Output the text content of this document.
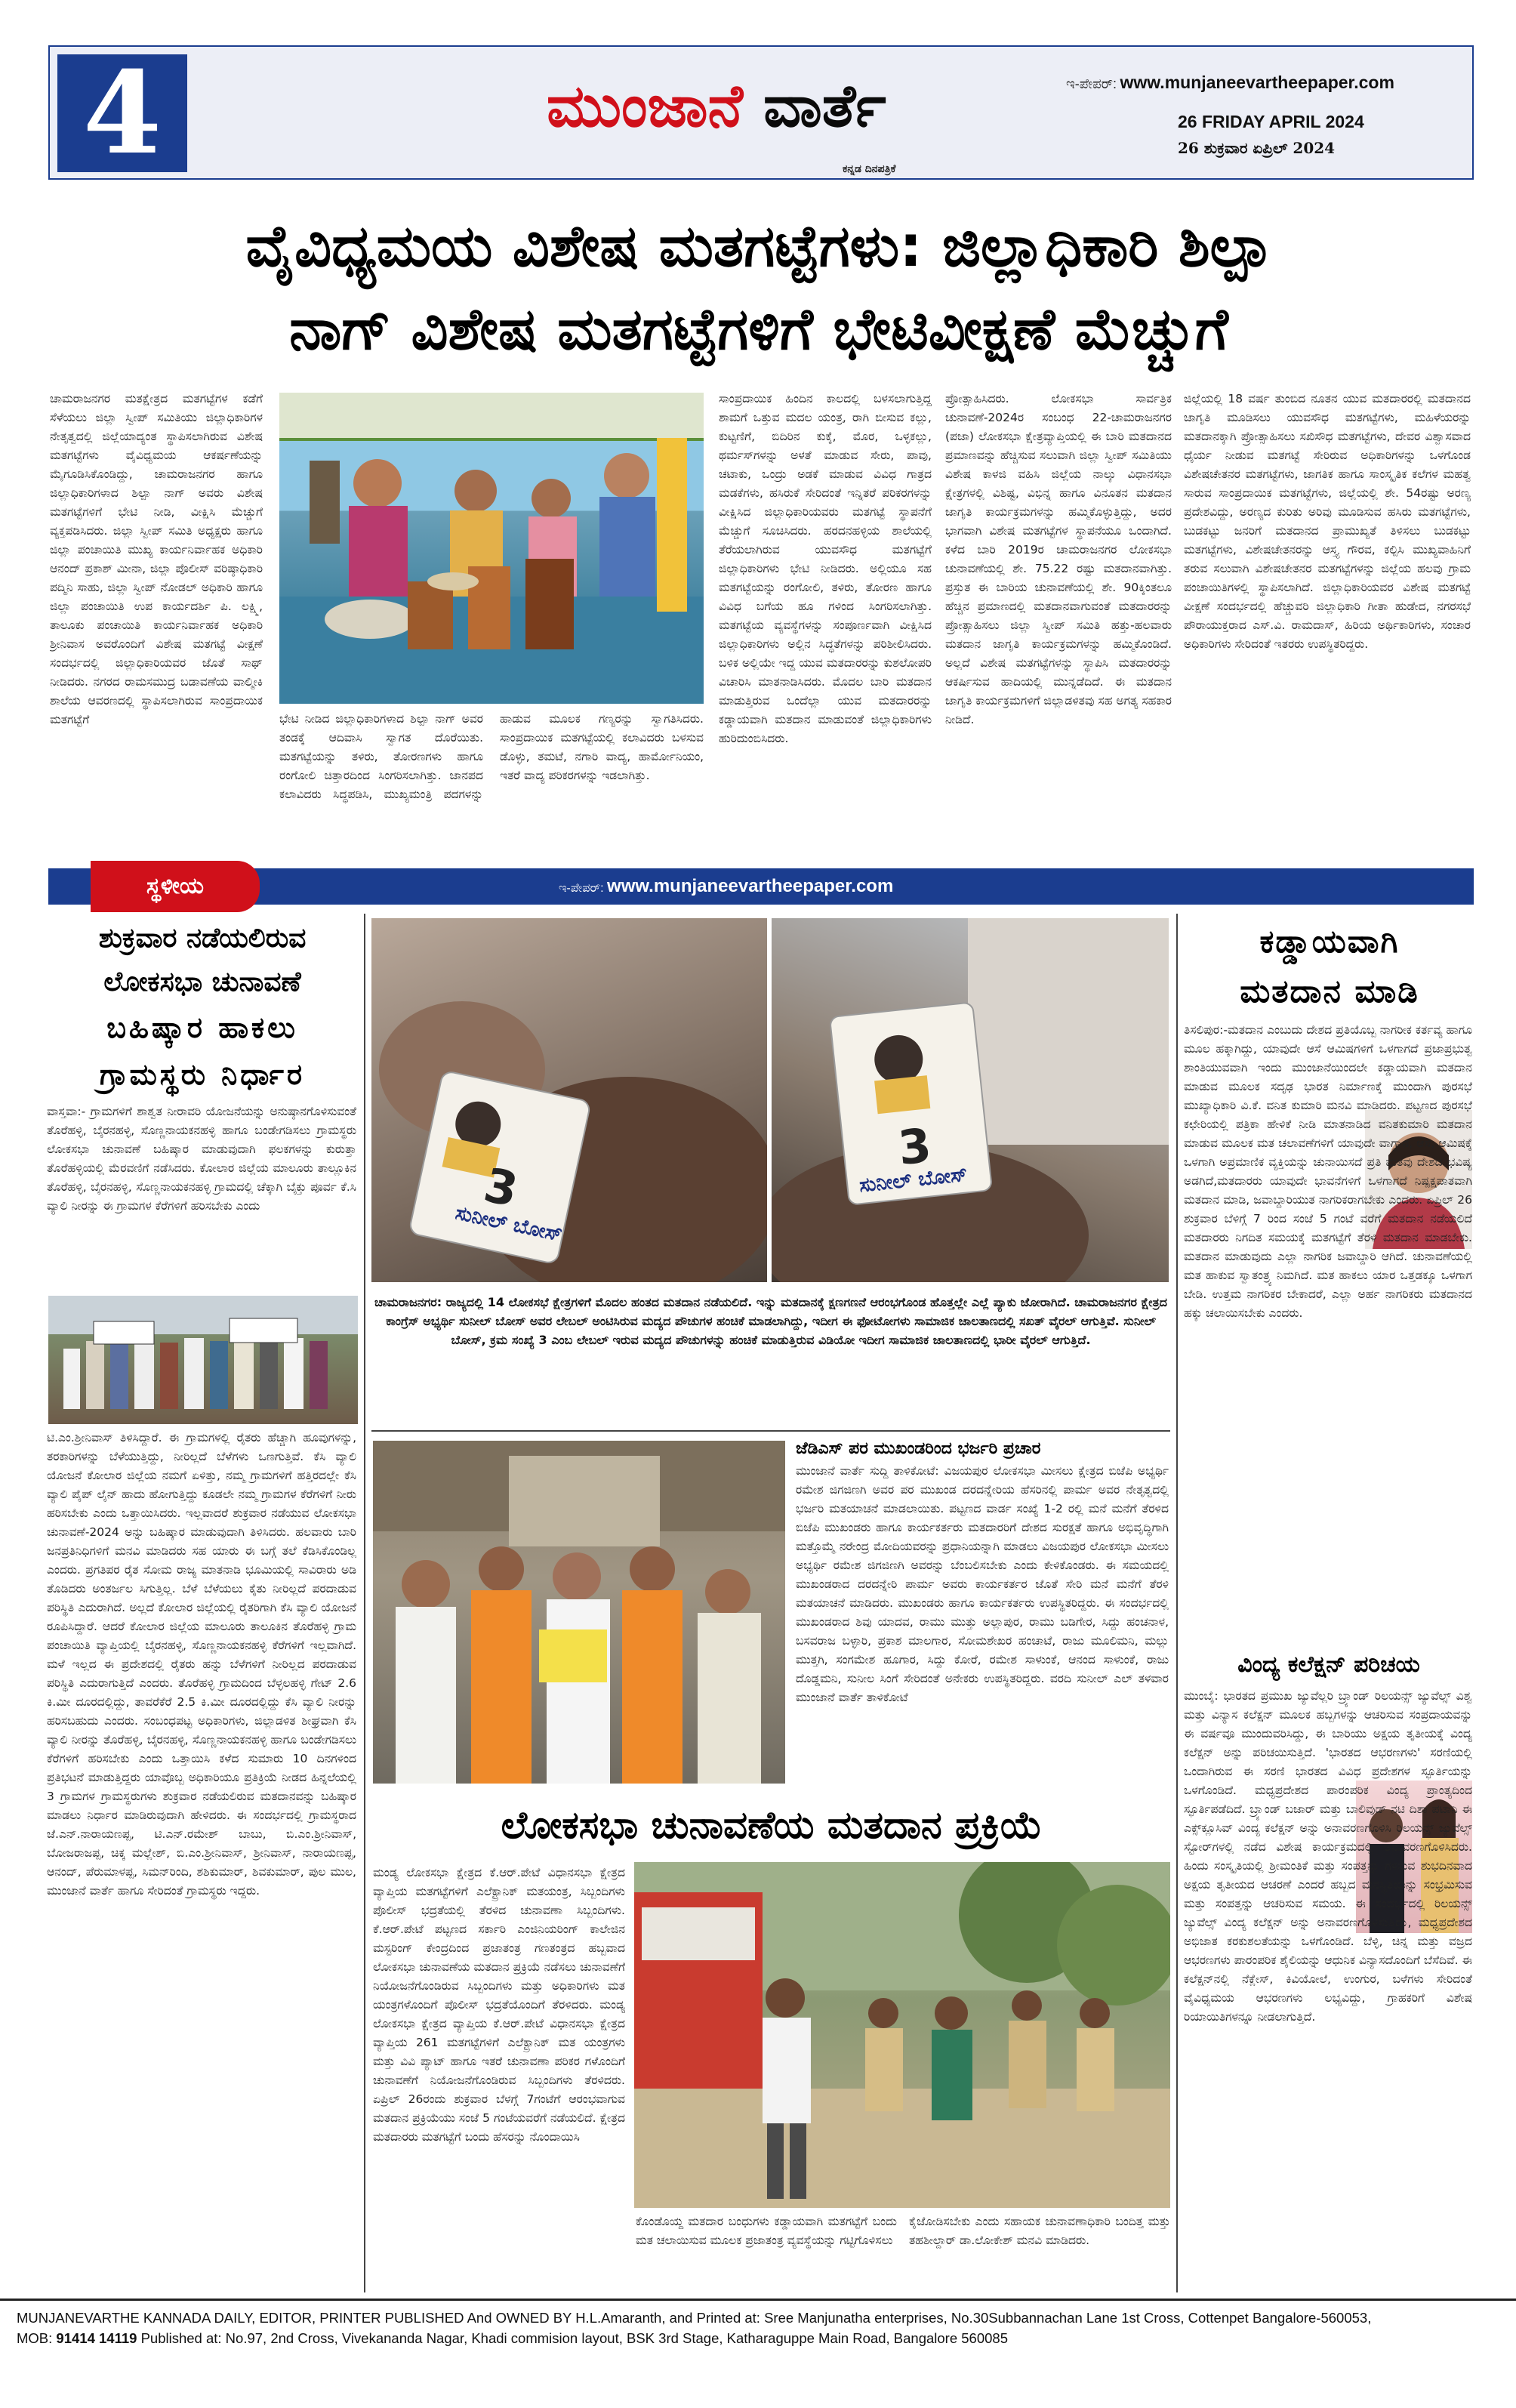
4	ಮುಂಜಾನೆ ವಾರ್ತೆ
ಕನ್ನಡ ದಿನಪತ್ರಿಕೆ
ಇ-ಪೇಪರ್: www.munjaneevartheepaper.com
26 FRIDAY APRIL 2024
26 ಶುಕ್ರವಾರ ಏಪ್ರಿಲ್ 2024
ವೈವಿಧ್ಯಮಯ ವಿಶೇಷ ಮತಗಟ್ಟೆಗಳು: ಜಿಲ್ಲಾಧಿಕಾರಿ ಶಿಲ್ಪಾ
ನಾಗ್ ವಿಶೇಷ ಮತಗಟ್ಟೆಗಳಿಗೆ ಭೇಟಿವೀಕ್ಷಣೆ ಮೆಚ್ಚುಗೆ
ಚಾಮರಾಜನಗರ ಮತಕ್ಷೇತ್ರದ ಮತಗಟ್ಟೆಗಳ ಕಡೆಗೆ ಸೆಳೆಯಲು ಜಿಲ್ಲಾ ಸ್ವೀಪ್ ಸಮಿತಿಯು ಜಿಲ್ಲಾಧಿಕಾರಿಗಳ ನೇತೃತ್ವದಲ್ಲಿ ಜಿಲ್ಲೆಯಾದ್ಯಂತ ಸ್ಥಾಪಿಸಲಾಗಿರುವ ವಿಶೇಷ ಮತಗಟ್ಟೆಗಳು ವೈವಿಧ್ಯಮಯ ಆಕರ್ಷಣೆಯನ್ನು ಮೈಗೂಡಿಸಿಕೊಂಡಿದ್ದು, ಚಾಮರಾಜನಗರ ಹಾಗೂ ಜಿಲ್ಲಾಧಿಕಾರಿಗಳಾದ ಶಿಲ್ಪಾ ನಾಗ್ ಅವರು ವಿಶೇಷ ಮತಗಟ್ಟೆಗಳಿಗೆ ಭೇಟಿ ನೀಡಿ, ವೀಕ್ಷಿಸಿ ಮೆಚ್ಚುಗೆ ವ್ಯಕ್ತಪಡಿಸಿದರು. ಜಿಲ್ಲಾ ಸ್ವೀಪ್ ಸಮಿತಿ ಅಧ್ಯಕ್ಷರು ಹಾಗೂ ಜಿಲ್ಲಾ ಪಂಚಾಯಿತಿ ಮುಖ್ಯ ಕಾರ್ಯನಿರ್ವಾಹಕ ಅಧಿಕಾರಿ ಆನಂದ್ ಪ್ರಕಾಶ್ ಮೀನಾ, ಜಿಲ್ಲಾ ಪೊಲೀಸ್ ವರಿಷ್ಠಾಧಿಕಾರಿ ಪದ್ಮಿನಿ ಸಾಹು, ಜಿಲ್ಲಾ ಸ್ವೀಪ್ ನೋಡಲ್ ಅಧಿಕಾರಿ ಹಾಗೂ ಜಿಲ್ಲಾ ಪಂಚಾಯಿತಿ ಉಪ ಕಾರ್ಯದರ್ಶಿ ಪಿ. ಲಕ್ಷ್ಮಿ, ತಾಲೂಕು ಪಂಚಾಯಿತಿ ಕಾರ್ಯನಿರ್ವಾಹಕ ಅಧಿಕಾರಿ ಶ್ರೀನಿವಾಸ ಅವರೊಂದಿಗೆ ವಿಶೇಷ ಮತಗಟ್ಟೆ ವೀಕ್ಷಣೆ ಸಂದರ್ಭದಲ್ಲಿ ಜಿಲ್ಲಾಧಿಕಾರಿಯವರ ಜೊತೆ ಸಾಥ್ ನೀಡಿದರು. ನಗರದ ರಾಮಸಮುದ್ರ ಬಡಾವಣೆಯ ವಾಲ್ಮೀಕಿ ಶಾಲೆಯ ಆವರಣದಲ್ಲಿ ಸ್ಥಾಪಿಸಲಾಗಿರುವ ಸಾಂಪ್ರದಾಯಿಕ ಮತಗಟ್ಟೆಗೆ	ಭೇಟಿ ನೀಡಿದ ಜಿಲ್ಲಾಧಿಕಾರಿಗಳಾದ ಶಿಲ್ಪಾ ನಾಗ್ ಅವರ ತಂಡಕ್ಕೆ ಆದಿವಾಸಿ ಸ್ವಾಗತ ದೊರೆಯಿತು. ಮತಗಟ್ಟೆಯನ್ನು ತಳಿರು, ತೋರಣಗಳು ಹಾಗೂ ರಂಗೋಲಿ ಚಿತ್ತಾರದಿಂದ ಸಿಂಗರಿಸಲಾಗಿತ್ತು. ಜಾನಪದ ಕಲಾವಿದರು ಸಿದ್ಧಪಡಿಸಿ, ಮುಖ್ಯಮಂತ್ರಿ ಪದಗಳನ್ನು ಹಾಡುವ ಮೂಲಕ ಗಣ್ಯರನ್ನು ಸ್ವಾಗತಿಸಿದರು. ಸಾಂಪ್ರದಾಯಿಕ ಮತಗಟ್ಟೆಯಲ್ಲಿ ಕಲಾವಿದರು ಬಳಸುವ ಡೊಳ್ಳು, ತಮಟೆ, ನಗಾರಿ ವಾದ್ಯ, ಹಾರ್ಮೋನಿಯಂ, ಇತರೆ ವಾದ್ಯ ಪರಿಕರಗಳನ್ನು ಇಡಲಾಗಿತ್ತು.
ಸಾಂಪ್ರದಾಯಿಕ ಹಿಂದಿನ ಕಾಲದಲ್ಲಿ ಬಳಸಲಾಗುತ್ತಿದ್ದ ಶಾಮಗೆ ಒತ್ತುವ ಮದಲ ಯಂತ್ರ, ರಾಗಿ ಬೀಸುವ ಕಲ್ಲು, ಕುಟ್ಟಣಿಗೆ, ಬಿದಿರಿನ ಕುಕ್ಕೆ, ಮೊರ, ಒಳ್ಳಕಲ್ಲು, ಥರ್ಮಸ್‌ಗಳನ್ನು ಅಳತೆ ಮಾಡುವ ಸೇರು, ಪಾವು, ಚಟಾಕು, ಒಂದ್ರು ಅಡಕೆ ಮಾಡುವ ವಿವಿಧ ಗಾತ್ರದ ಮಡಕೆಗಳು, ಹಸಿರುಕೆ ಸೇರಿದಂತೆ ಇನ್ನಿತರೆ ಪರಿಕರಗಳನ್ನು ವೀಕ್ಷಿಸಿದ ಜಿಲ್ಲಾಧಿಕಾರಿಯವರು ಮತಗಟ್ಟೆ ಸ್ಥಾಪನೆಗೆ ಮೆಚ್ಚುಗೆ ಸೂಚಿಸಿದರು. ಹರದನಹಳ್ಳಿಯ ಶಾಲೆಯಲ್ಲಿ ತೆರೆಯಲಾಗಿರುವ ಯುವಸೌಧ ಮತಗಟ್ಟೆಗೆ ಜಿಲ್ಲಾಧಿಕಾರಿಗಳು ಭೇಟಿ ನೀಡಿದರು. ಅಲ್ಲಿಯೂ ಸಹ ಮತಗಟ್ಟೆಯನ್ನು ರಂಗೋಲಿ, ತಳಿರು, ತೋರಣ ಹಾಗೂ ವಿವಿಧ ಬಗೆಯ ಹೂ ಗಳಿಂದ ಸಿಂಗರಿಸಲಾಗಿತ್ತು. ಮತಗಟ್ಟೆಯ ವ್ಯವಸ್ಥೆಗಳನ್ನು ಸಂಪೂರ್ಣವಾಗಿ ವೀಕ್ಷಿಸಿದ ಜಿಲ್ಲಾಧಿಕಾರಿಗಳು ಅಲ್ಲಿನ ಸಿದ್ಧತೆಗಳನ್ನು ಪರಿಶೀಲಿಸಿದರು. ಬಳಿಕ ಅಲ್ಲಿಯೇ ಇದ್ದ ಯುವ ಮತದಾರರನ್ನು ಕುಶಲೋಪರಿ ವಿಚಾರಿಸಿ ಮಾತನಾಡಿಸಿದರು. ಮೊದಲ ಬಾರಿ ಮತದಾನ ಮಾಡುತ್ತಿರುವ ಒಂದೆಲ್ಲಾ ಯುವ ಮತದಾರರನ್ನು ಕಡ್ಡಾಯವಾಗಿ ಮತದಾನ ಮಾಡುವಂತೆ ಜಿಲ್ಲಾಧಿಕಾರಿಗಳು ಹುರಿದುಂಬಿಸಿದರು.
ಪ್ರೋತ್ಸಾಹಿಸಿದರು. ಲೋಕಸಭಾ ಸಾರ್ವತ್ರಿಕ ಚುನಾವಣೆ-2024ರ ಸಂಬಂಧ 22-ಚಾಮರಾಜನಗರ (ಪಜಾ) ಲೋಕಸಭಾ ಕ್ಷೇತ್ರವ್ಯಾಪ್ತಿಯಲ್ಲಿ ಈ ಬಾರಿ ಮತದಾನದ ಪ್ರಮಾಣವನ್ನು ಹೆಚ್ಚಿಸುವ ಸಲುವಾಗಿ ಜಿಲ್ಲಾ ಸ್ವೀಪ್ ಸಮಿತಿಯು ವಿಶೇಷ ಕಾಳಜಿ ವಹಿಸಿ ಜಿಲ್ಲೆಯ ನಾಲ್ಕು ವಿಧಾನಸಭಾ ಕ್ಷೇತ್ರಗಳಲ್ಲಿ ವಿಶಿಷ್ಟ, ವಿಭಿನ್ನ ಹಾಗೂ ವಿನೂತನ ಮತದಾನ ಜಾಗೃತಿ ಕಾರ್ಯಕ್ರಮಗಳನ್ನು ಹಮ್ಮಿಕೊಳ್ಳುತ್ತಿದ್ದು, ಅದರ ಭಾಗವಾಗಿ ವಿಶೇಷ ಮತಗಟ್ಟೆಗಳ ಸ್ಥಾಪನೆಯೂ ಒಂದಾಗಿದೆ. ಕಳೆದ ಬಾರಿ 2019ರ ಚಾಮರಾಜನಗರ ಲೋಕಸಭಾ ಚುನಾವಣೆಯಲ್ಲಿ ಶೇ. 75.22 ರಷ್ಟು ಮತದಾನವಾಗಿತ್ತು. ಪ್ರಸ್ತುತ ಈ ಬಾರಿಯ ಚುನಾವಣೆಯಲ್ಲಿ ಶೇ. 90ಕ್ಕಿಂತಲೂ ಹೆಚ್ಚಿನ ಪ್ರಮಾಣದಲ್ಲಿ ಮತದಾನವಾಗುವಂತೆ ಮತದಾರರನ್ನು ಪ್ರೋತ್ಸಾಹಿಸಲು ಜಿಲ್ಲಾ ಸ್ವೀಪ್ ಸಮಿತಿ ಹತ್ತು-ಹಲವಾರು ಮತದಾನ ಜಾಗೃತಿ ಕಾರ್ಯಕ್ರಮಗಳನ್ನು ಹಮ್ಮಿಕೊಂಡಿದೆ. ಅಲ್ಲದೆ ವಿಶೇಷ ಮತಗಟ್ಟೆಗಳನ್ನು ಸ್ಥಾಪಿಸಿ ಮತದಾರರನ್ನು ಆಕರ್ಷಿಸುವ ಹಾದಿಯಲ್ಲಿ ಮುನ್ನಡೆದಿದೆ. ಈ ಮತದಾನ ಜಾಗೃತಿ ಕಾರ್ಯಕ್ರಮಗಳಿಗೆ ಜಿಲ್ಲಾಡಳಿತವು ಸಹ ಅಗತ್ಯ ಸಹಕಾರ ನೀಡಿದೆ.
ಜಿಲ್ಲೆಯಲ್ಲಿ 18 ವರ್ಷ ತುಂಬಿದ ನೂತನ ಯುವ ಮತದಾರರಲ್ಲಿ ಮತದಾನದ ಜಾಗೃತಿ ಮೂಡಿಸಲು ಯುವಸೌಧ ಮತಗಟ್ಟೆಗಳು, ಮಹಿಳೆಯರನ್ನು ಮತದಾನಕ್ಕಾಗಿ ಪ್ರೋತ್ಸಾಹಿಸಲು ಸಖಿಸೌಧ ಮತಗಟ್ಟೆಗಳು, ದೇವರ ವಿಶ್ವಾಸವಾದ ಧೈರ್ಯ ನೀಡುವ ಮತಗಟ್ಟೆ ಸೇರಿರುವ ಅಧಿಕಾರಿಗಳನ್ನು ಒಳಗೊಂಡ ವಿಶೇಷಚೇತನರ ಮತಗಟ್ಟೆಗಳು, ಜಾಗತಿಕ ಹಾಗೂ ಸಾಂಸ್ಕೃತಿಕ ಕಲೆಗಳ ಮಹತ್ವ ಸಾರುವ ಸಾಂಪ್ರದಾಯಿಕ ಮತಗಟ್ಟೆಗಳು, ಜಿಲ್ಲೆಯಲ್ಲಿ ಶೇ. 54ರಷ್ಟು ಅರಣ್ಯ ಪ್ರದೇಶವಿದ್ದು, ಅರಣ್ಯದ ಕುರಿತು ಅರಿವು ಮೂಡಿಸುವ ಹಸಿರು ಮತಗಟ್ಟೆಗಳು, ಬುಡಕಟ್ಟು ಜನರಿಗೆ ಮತದಾನದ ಪ್ರಾಮುಖ್ಯತೆ ತಿಳಿಸಲು ಬುಡಕಟ್ಟು ಮತಗಟ್ಟೆಗಳು, ವಿಶೇಷಚೇತನರನ್ನು ಆಸ್ತ್ಯ ಗೌರವ, ಕಲ್ಪಿಸಿ ಮುಖ್ಯವಾಹಿನಿಗೆ ತರುವ ಸಲುವಾಗಿ ವಿಶೇಷಚೇತನರ ಮತಗಟ್ಟೆಗಳನ್ನು ಜಿಲ್ಲೆಯ ಹಲವು ಗ್ರಾಮ ಪಂಚಾಯಿತಿಗಳಲ್ಲಿ ಸ್ಥಾಪಿಸಲಾಗಿದೆ. ಜಿಲ್ಲಾಧಿಕಾರಿಯವರ ವಿಶೇಷ ಮತಗಟ್ಟೆ ವೀಕ್ಷಣೆ ಸಂದರ್ಭದಲ್ಲಿ ಹೆಚ್ಚುವರಿ ಜಿಲ್ಲಾಧಿಕಾರಿ ಗೀತಾ ಹುಡೇದ, ನಗರಸಭೆ ಪೌರಾಯುಕ್ತರಾದ ಎಸ್.ವಿ. ರಾಮದಾಸ್, ಹಿರಿಯ ಅರ್ಥಿಕಾರಿಗಳು, ಸಂಚಾರ ಅಧಿಕಾರಿಗಳು ಸೇರಿದಂತೆ ಇತರರು ಉಪಸ್ಥಿತರಿದ್ದರು.
ಸ್ಥಳೀಯ	ಇ-ಪೇಪರ್: www.munjaneevartheepaper.com
ಶುಕ್ರವಾರ ನಡೆಯಲಿರುವ
ಲೋಕಸಭಾ ಚುನಾವಣೆ
ಬಹಿಷ್ಕಾರ ಹಾಕಲು
ಗ್ರಾಮಸ್ಥರು ನಿರ್ಧಾರ
ವಾಸ್ತವಾ:- ಗ್ರಾಮಗಳಿಗೆ ಶಾಶ್ವತ ನೀರಾವರಿ ಯೋಜನೆಯನ್ನು ಅನುಷ್ಠಾನಗೊಳಿಸುವಂತೆ ತೊರೆಹಳ್ಳಿ, ಬೈರನಹಳ್ಳಿ, ಸೊಣ್ಣನಾಯಕನಹಳ್ಳಿ ಹಾಗೂ ಬಂಡೇಗಡಿಸಲು ಗ್ರಾಮಸ್ಥರು ಲೋಕಸಭಾ ಚುನಾವಣೆ ಬಹಿಷ್ಕಾರ ಮಾಡುವುದಾಗಿ ಫಲಕಗಳನ್ನು ಕುರುತ್ತಾ ತೊರೆಹಳ್ಳಿಯಲ್ಲಿ ಮೆರವಣಿಗೆ ನಡೆಸಿದರು. ಕೋಲಾರ ಜಿಲ್ಲೆಯ ಮಾಲೂರು ತಾಲ್ಲೂಕಿನ ತೊರೆಹಳ್ಳಿ, ಬೈರನಹಳ್ಳಿ, ಸೊಣ್ಣನಾಯಕನಹಳ್ಳಿ ಗ್ರಾಮದಲ್ಲಿ ಚೆಕ್ಕಾಗಿ ಬೈಕ್ತು ಪೂರ್ವ ಕೆ.ಸಿ ವ್ಯಾಲಿ ನೀರನ್ನು ಈ ಗ್ರಾಮಗಳ ಕೆರೆಗಳಿಗೆ ಹರಿಸಬೇಕು ಎಂದು
ಟಿ.ಎಂ.ಶ್ರೀನಿವಾಸ್ ತಿಳಿಸಿದ್ದಾರೆ. ಈ ಗ್ರಾಮಗಳಲ್ಲಿ ರೈತರು ಹೆಚ್ಚಾಗಿ ಹೂವುಗಳನ್ನು, ತರಕಾರಿಗಳನ್ನು ಬೆಳೆಯುತ್ತಿದ್ದು, ನೀರಿಲ್ಲದೆ ಬೆಳೆಗಳು ಒಣಗುತ್ತಿವೆ. ಕೆಸಿ ವ್ಯಾಲಿ ಯೋಜನೆ ಕೋಲಾರ ಜಿಲ್ಲೆಯ ನಮಗೆ ಏಳಿತ್ತು, ನಮ್ಮ ಗ್ರಾಮಗಳಿಗೆ ಹತ್ತಿರದಲ್ಲೇ ಕೆಸಿ ವ್ಯಾಲಿ ಪೈಪ್ ಲೈನ್ ಹಾದು ಹೋಗುತ್ತಿದ್ದು ಕೂಡಲೇ ನಮ್ಮ ಗ್ರಾಮಗಳ ಕೆರೆಗಳಿಗೆ ನೀರು ಹರಿಸಬೇಕು ಎಂದು ಒತ್ತಾಯಿಸಿದರು. ಇಲ್ಲವಾದರೆ ಶುಕ್ರವಾರ ನಡೆಯುವ ಲೋಕಸಭಾ ಚುನಾವಣೆ-2024 ಅನ್ನು ಬಹಿಷ್ಕಾರ ಮಾಡುವುದಾಗಿ ತಿಳಿಸಿದರು. ಹಲವಾರು ಬಾರಿ ಜನಪ್ರತಿನಿಧಿಗಳಿಗೆ ಮನವಿ ಮಾಡಿದರು ಸಹ ಯಾರು ಈ ಬಗ್ಗೆ ತಲೆ ಕೆಡಿಸಿಕೊಂಡಿಲ್ಲ ಎಂದರು. ಪ್ರಗತಿಪರ ರೈತ ಸೋಮ ರಾಜ್ಯ ಮಾತನಾಡಿ ಭೂಮಿಯಲ್ಲಿ ಸಾವಿರಾರು ಅಡಿ ತೊಡಿದರು ಅಂತರ್ಜಲ ಸಿಗುತ್ತಿಲ್ಲ. ಬೆಳೆ ಬೆಳೆಯಲು ಕೈತು ನೀರಿಲ್ಲದೆ ಪರದಾಡುವ ಪರಿಸ್ಥಿತಿ ಎದುರಾಗಿದೆ. ಅಲ್ಲದೆ ಕೋಲಾರ ಜಿಲ್ಲೆಯಲ್ಲಿ ರೈತರಿಗಾಗಿ ಕೆಸಿ ವ್ಯಾಲಿ ಯೋಜನೆ ರೂಪಿಸಿದ್ದಾರೆ. ಆದರೆ ಕೋಲಾರ ಜಿಲ್ಲೆಯ ಮಾಲೂರು ತಾಲೂಕಿನ ತೊರೆಹಳ್ಳಿ ಗ್ರಾಮ ಪಂಚಾಯಿತಿ ವ್ಯಾಪ್ತಿಯಲ್ಲಿ ಬೈರನಹಳ್ಳಿ, ಸೊಣ್ಣನಾಯಕನಹಳ್ಳಿ ಕೆರೆಗಳಿಗೆ ಇಲ್ಲವಾಗಿದೆ. ಮಳೆ ಇಲ್ಲದ ಈ ಪ್ರದೇಶದಲ್ಲಿ ರೈತರು ಹನ್ನು ಬೆಳೆಗಳಿಗೆ ನೀರಿಲ್ಲದ ಪರದಾಡುವ ಪರಿಸ್ಥಿತಿ ಎದುರಾಗುತ್ತಿದೆ ಎಂದರು. ತೊರೆಹಳ್ಳಿ ಗ್ರಾಮದಿಂದ ಬೆಳ್ಳಲಹಳ್ಳಿ ಗೇಟ್ 2.6 ಕಿ.ಮೀ ದೂರದಲ್ಲಿದ್ದು, ತಾವರೆಕೆರೆ 2.5 ಕಿ.ಮೀ ದೂರದಲ್ಲಿದ್ದು ಕೆಸಿ ವ್ಯಾಲಿ ನೀರನ್ನು ಹರಿಸಬಹುದು ಎಂದರು. ಸಂಬಂಧಪಟ್ಟ ಅಧಿಕಾರಿಗಳು, ಜಿಲ್ಲಾಡಳಿತ ಶೀಘ್ರವಾಗಿ ಕೆಸಿ ವ್ಯಾಲಿ ನೀರನ್ನು ತೊರೆಹಳ್ಳಿ, ಬೈರನಹಳ್ಳಿ, ಸೊಣ್ಣನಾಯಕನಹಳ್ಳಿ ಹಾಗೂ ಬಂಡೇಗಡಿಸಲು ಕೆರೆಗಳಿಗೆ ಹರಿಸಬೇಕು ಎಂದು ಒತ್ತಾಯಿಸಿ ಕಳೆದ ಸುಮಾರು 10 ದಿನಗಳಿಂದ ಪ್ರತಿಭಟನೆ ಮಾಡುತ್ತಿದ್ದರು ಯಾವೊಬ್ಬ ಅಧಿಕಾರಿಯೂ ಪ್ರತಿಕ್ರಿಯೆ ನೀಡದ ಹಿನ್ನಲೆಯಲ್ಲಿ 3 ಗ್ರಾಮಗಳ ಗ್ರಾಮಸ್ಥರುಗಳು ಶುಕ್ರವಾರ ನಡೆಯಲಿರುವ ಮತದಾನವನ್ನು ಬಹಿಷ್ಕಾರ ಮಾಡಲು ನಿರ್ಧಾರ ಮಾಡಿರುವುದಾಗಿ ಹೇಳಿದರು. ಈ ಸಂದರ್ಭದಲ್ಲಿ ಗ್ರಾಮಸ್ಥರಾದ ಜೆ.ಎನ್.ನಾರಾಯಣಪ್ಪ, ಟಿ.ಎನ್.ರಮೇಶ್ ಬಾಬು, ಬಿ.ಎಂ.ಶ್ರೀನಿವಾಸ್, ಬೋಜರಾಜಪ್ಪ, ಚಿಕ್ಕ ಮಲ್ಲೇಶ್, ಬಿ.ಎಂ.ಶ್ರೀನಿವಾಸ್, ಶ್ರೀನಿವಾಸ್, ನಾರಾಯಣಪ್ಪ, ಆನಂದ್, ಪೆರುಮಾಳಪ್ಪ, ಸಿಮನ್‌ರಿಂದಿ, ಶಶಿಕುಮಾರ್, ಶಿವಕುಮಾರ್, ಪುಲ ಮುಲ, ಮುಂಜಾನೆ ವಾರ್ತೆ ಹಾಗೂ ಸೇರಿದಂತೆ ಗ್ರಾಮಸ್ಥರು ಇದ್ದರು.
3
ಸುನೀಲ್ ಬೋಸ್
3
ಸುನೀಲ್ ಬೋಸ್
ಚಾಮರಾಜನಗರ: ರಾಜ್ಯದಲ್ಲಿ 14 ಲೋಕಸಭೆ ಕ್ಷೇತ್ರಗಳಿಗೆ ಮೊದಲ ಹಂತದ ಮತದಾನ ನಡೆಯಲಿದೆ. ಇನ್ನು ಮತದಾನಕ್ಕೆ ಕ್ಷಣಗಣನೆ ಆರಂಭಗೊಂಡ ಹೊತ್ತಲ್ಲೇ ಎಲ್ಲೆ ಪ್ಯಾಕು ಜೋರಾಗಿದೆ. ಚಾಮರಾಜನಗರ ಕ್ಷೇತ್ರದ ಕಾಂಗ್ರೆಸ್ ಅಭ್ಯರ್ಥಿ ಸುನೀಲ್ ಬೋಸ್ ಅವರ ಲೇಬಲ್ ಅಂಟಿಸಿರುವ ಮದ್ಯದ ಪೌಚುಗಳ ಹಂಚಿಕೆ ಮಾಡಲಾಗಿದ್ದು, ಇದೀಗ ಈ ಫೋಟೋಗಳು ಸಾಮಾಜಿಕ ಜಾಲತಾಣದಲ್ಲಿ ಸಖತ್ ವೈರಲ್ ಆಗುತ್ತಿವೆ. ಸುನೀಲ್ ಬೋಸ್, ಕ್ರಮ ಸಂಖ್ಯೆ 3 ಎಂಬ ಲೇಬಲ್ ಇರುವ ಮದ್ಯದ ಪೌಚುಗಳನ್ನು ಹಂಚಿಕೆ ಮಾಡುತ್ತಿರುವ ವಿಡಿಯೋ ಇದೀಗ ಸಾಮಾಜಿಕ ಜಾಲತಾಣದಲ್ಲಿ ಭಾರೀ ವೈರಲ್ ಆಗುತ್ತಿದೆ.
ಜೆಡಿಎಸ್ ಪರ ಮುಖಂಡರಿಂದ ಭರ್ಜರಿ ಪ್ರಚಾರ
ಮುಂಜಾನೆ ವಾರ್ತೆ ಸುದ್ದಿ ತಾಳಿಕೋಟೆ: ವಿಜಯಪುರ ಲೋಕಸಭಾ ಮೀಸಲು ಕ್ಷೇತ್ರದ ಬಿಜೆಪಿ ಅಭ್ಯರ್ಥಿ ರಮೇಶ ಜಿಗಜಿಣಗಿ ಅವರ ಪರ ಮುಖಂಡ ದರದನ್ನೇರಿಯ ಹೆಸರಿನಲ್ಲಿ ಪಾರ್ಮ ಅವರ ನೇತೃತ್ವದಲ್ಲಿ ಭರ್ಜರಿ ಮತಯಾಚನೆ ಮಾಡಲಾಯಿತು. ಪಟ್ಟಣದ ವಾರ್ಡ ಸಂಖ್ಯೆ 1-2 ರಲ್ಲಿ ಮನೆ ಮನೆಗೆ ತೆರಳಿದ ಬಿಜೆಪಿ ಮುಖಂಡರು ಹಾಗೂ ಕಾರ್ಯಕರ್ತರು ಮತದಾರರಿಗೆ ದೇಶದ ಸುರಕ್ಷತೆ ಹಾಗೂ ಅಭಿವೃದ್ಧಿಗಾಗಿ ಮತ್ತೊಮ್ಮೆ ನರೇಂದ್ರ ಮೋದಿಯವರನ್ನು ಪ್ರಧಾನಿಯನ್ನಾಗಿ ಮಾಡಲು ವಿಜಯಪುರ ಲೋಕಸಭಾ ಮೀಸಲು ಅಭ್ಯರ್ಥಿ ರಮೇಶ ಜಿಗಜಿಣಗಿ ಅವರನ್ನು ಬೆಂಬಲಿಸಬೇಕು ಎಂದು ಕೇಳಿಕೊಂಡರು. ಈ ಸಮಯದಲ್ಲಿ ಮುಖಂಡರಾದ ದರದನ್ನೇರಿ ಪಾರ್ಮ ಅವರು ಕಾರ್ಯಕರ್ತರ ಜೊತೆ ಸೇರಿ ಮನೆ ಮನೆಗೆ ತೆರಳಿ ಮತಯಾಚನೆ ಮಾಡಿದರು. ಮುಖಂಡರು ಹಾಗೂ ಕಾರ್ಯಕರ್ತರು ಉಪಸ್ಥಿತರಿದ್ದರು. ಈ ಸಂದರ್ಭದಲ್ಲಿ ಮುಖಂಡರಾದ ಶಿವು ಯಾದವ, ರಾಮು ಮುತ್ತು ಅಲ್ಲಾಪುರ, ರಾಮು ಬಡಿಗೇರ, ಸಿದ್ದು ಹಂಚನಾಳ, ಬಸವರಾಜ ಬಳ್ಳಾರಿ, ಪ್ರಕಾಶ ಮಾಲಗಾರ, ಸೋಮಶೇಖರ ಹಂಚಾಟೆ, ರಾಜು ಮೂಲಿಮನಿ, ಮಲ್ಲು ಮುತ್ತಗಿ, ಸಂಗಮೇಶ ಹೂಗಾರ, ಸಿದ್ದು ಕೋರೆ, ರಮೇಶ ಸಾಳುಂಕೆ, ಆನಂದ ಸಾಳುಂಕೆ, ರಾಜು ದೊಡ್ಡಮನಿ, ಸುನೀಲ ಸಿಂಗೆ ಸೇರಿದಂತೆ ಅನೇಕರು ಉಪಸ್ಥಿತರಿದ್ದರು. ವರದಿ ಸುನೀಲ್ ಎಲ್ ತಳವಾರ ಮುಂಜಾನೆ ವಾರ್ತೆ ತಾಳಿಕೋಟೆ
ಲೋಕಸಭಾ ಚುನಾವಣೆಯ ಮತದಾನ ಪ್ರಕ್ರಿಯೆ
ಮಂಡ್ಯ ಲೋಕಸಭಾ ಕ್ಷೇತ್ರದ ಕೆ.ಆರ್.ಪೇಟೆ ವಿಧಾನಸಭಾ ಕ್ಷೇತ್ರದ ವ್ಯಾಪ್ತಿಯ ಮತಗಟ್ಟೆಗಳಿಗೆ ಎಲೆಕ್ಟ್ರಾನಿಕ್ ಮತಯಂತ್ರ, ಸಿಬ್ಬಂದಿಗಳು ಪೊಲೀಸ್ ಭದ್ರತೆಯಲ್ಲಿ ತೆರಳಿದ ಚುನಾವಣಾ ಸಿಬ್ಬಂದಿಗಳು. ಕೆ.ಆರ್.ಪೇಟೆ ಪಟ್ಟಣದ ಸರ್ಕಾರಿ ಎಂಜಿನಿಯರಿಂಗ್ ಕಾಲೇಜಿನ ಮಸ್ಟರಿಂಗ್ ಕೇಂದ್ರದಿಂದ ಪ್ರಜಾತಂತ್ರ ಗಣತಂತ್ರದ ಹಬ್ಬವಾದ ಲೋಕಸಭಾ ಚುನಾವಣೆಯ ಮತದಾನ ಪ್ರಕ್ರಿಯೆ ನಡೆಸಲು ಚುನಾವಣೆಗೆ ನಿಯೋಜನೆಗೊಂಡಿರುವ ಸಿಬ್ಬಂದಿಗಳು ಮತ್ತು ಅಧಿಕಾರಿಗಳು ಮತ ಯಂತ್ರಗಳೊಂದಿಗೆ ಪೊಲೀಸ್ ಭದ್ರತೆಯೊಂದಿಗೆ ತೆರಳಿದರು. ಮಂಡ್ಯ ಲೋಕಸಭಾ ಕ್ಷೇತ್ರದ ವ್ಯಾಪ್ತಿಯ ಕೆ.ಆರ್.ಪೇಟೆ ವಿಧಾನಸಭಾ ಕ್ಷೇತ್ರದ ವ್ಯಾಪ್ತಿಯ 261 ಮತಗಟ್ಟೆಗಳಿಗೆ ಎಲೆಕ್ಟ್ರಾನಿಕ್ ಮತ ಯಂತ್ರಗಳು ಮತ್ತು ವಿವಿ ಪ್ಯಾಟ್ ಹಾಗೂ ಇತರೆ ಚುನಾವಣಾ ಪರಿಕರ ಗಳೊಂದಿಗೆ ಚುನಾವಣೆಗೆ ನಿಯೋಜನೆಗೊಂಡಿರುವ ಸಿಬ್ಬಂದಿಗಳು ತೆರಳಿದರು. ಏಪ್ರಿಲ್ 26ರಂದು ಶುಕ್ರವಾರ ಬೆಳಗ್ಗೆ 7ಗಂಟೆಗೆ ಆರಂಭವಾಗುವ ಮತದಾನ ಪ್ರಕ್ರಿಯೆಯು ಸಂಜೆ 5 ಗಂಟೆಯವರೆಗೆ ನಡೆಯಲಿದೆ. ಕ್ಷೇತ್ರದ ಮತದಾರರು ಮತಗಟ್ಟೆಗೆ ಬಂದು ಹೆಸರನ್ನು ನೊಂದಾಯಿಸಿ
ಕೊಂಡೊಯ್ದ ಮತದಾರ ಬಂಧುಗಳು ಕಡ್ಡಾಯವಾಗಿ ಮತಗಟ್ಟೆಗೆ ಬಂದು ಮತ ಚಲಾಯಿಸುವ ಮೂಲಕ ಪ್ರಜಾತಂತ್ರ ವ್ಯವಸ್ಥೆಯನ್ನು ಗಟ್ಟಿಗೊಳಿಸಲು
ಕೈಜೋಡಿಸಬೇಕು ಎಂದು ಸಹಾಯಕ ಚುನಾವಣಾಧಿಕಾರಿ ಬಂದಿತ್ತ ಮತ್ತು ತಹಶೀಲ್ದಾರ್ ಡಾ.ಲೋಕೇಶ್ ಮನವಿ ಮಾಡಿದರು.
ಕಡ್ಡಾಯವಾಗಿ
ಮತದಾನ ಮಾಡಿ
ತಿಸಲಿಪುರ:-ಮತದಾನ ಎಂಬುದು ದೇಶದ ಪ್ರತಿಯೊಬ್ಬ ನಾಗರೀಕ ಕರ್ತವ್ಯ ಹಾಗೂ ಮೂಲ ಹಕ್ಕಾಗಿದ್ದು, ಯಾವುದೇ ಆಸೆ ಆಮಿಷಗಳಿಗೆ ಒಳಗಾಗದೆ ಪ್ರಜಾಪ್ರಭುತ್ವ ಶಾಂತಿಯುವವಾಗಿ ಇಂದು ಮುಂಜಾನೆಯಿಂದಲೇ ಕಡ್ಡಾಯವಾಗಿ ಮತದಾನ ಮಾಡುವ ಮೂಲಕ ಸದೃಢ ಭಾರತ ನಿರ್ಮಾಣಕ್ಕೆ ಮುಂದಾಗಿ ಪುರಸಭೆ ಮುಖ್ಯಾಧಿಕಾರಿ ವಿ.ಕೆ. ವನಿತ ಕುಮಾರಿ ಮನವಿ ಮಾಡಿದರು. ಪಟ್ಟಣದ ಪುರಸಭೆ ಕಛೇರಿಯಲ್ಲಿ ಪತ್ರಿಕಾ ಹೇಳಿಕೆ ನೀಡಿ ಮಾತನಾಡಿದ ವನಿತಕುಮಾರಿ ಮತದಾನ ಮಾಡುವ ಮೂಲಕ ಮತ ಚಲಾವಣೆಗಳಿಗೆ ಯಾವುದೇ ವಾಗ್ದಾನ, ಆಸೆ, ಆಮಿಷಕ್ಕೆ ಒಳಗಾಗಿ ಅಪ್ರಮಾಣಿಕ ವ್ಯಕ್ತಿಯನ್ನು ಚುನಾಯಿಸದೆ ಪ್ರತಿ ಮತವು ದೇಶದ ಭವಿಷ್ಯ ಅಡಗಿದೆ,ಮತದಾರರು ಯಾವುದೇ ಭಾವನೆಗಳಿಗೆ ಒಳಗಾಗದೆ ನಿಷ್ಪಕ್ಷಪಾತವಾಗಿ ಮತದಾನ ಮಾಡಿ, ಜವಾಬ್ದಾರಿಯುತ ನಾಗರಿಕರಾಗಬೇಕು ಎಂದರು. ಏಪ್ರಿಲ್ 26 ಶುಕ್ರವಾರ ಬೆಳಿಗ್ಗೆ 7 ರಿಂದ ಸಂಜೆ 5 ಗಂಟೆ ವರೆಗೆ ಮತದಾನ ನಡೆಯಲಿದೆ ಮತದಾರರು ನಿಗದಿತ ಸಮಯಕ್ಕೆ ಮತಗಟ್ಟೆಗೆ ತೆರಳಿ ಮತದಾನ ಮಾಡಬೇಕು. ಮತದಾನ ಮಾಡುವುದು ಎಲ್ಲಾ ನಾಗರಿಕ ಜವಾಬ್ದಾರಿ ಆಗಿದೆ. ಚುನಾವಣೆಯಲ್ಲಿ ಮತ ಹಾಕುವ ಸ್ವಾತಂತ್ರ್ಯ ನಿಮಗಿದೆ. ಮತ ಹಾಕಲು ಯಾರ ಒತ್ತಡಕ್ಕೂ ಒಳಗಾಗ ಬೇಡಿ. ಉತ್ತಮ ನಾಗರಿಕರ ಬೇಕಾದರೆ, ಎಲ್ಲಾ ಅರ್ಹ ನಾಗರಿಕರು ಮತದಾನದ ಹಕ್ಕು ಚಲಾಯಿಸಬೇಕು ಎಂದರು.
ವಿಂದ್ಯ ಕಲೆಕ್ಷನ್ ಪರಿಚಯ
ಮುಂಬೈ: ಭಾರತದ ಪ್ರಮುಖ ಜ್ಯುವೆಲ್ಲರಿ ಬ್ರ್ಯಾಂಡ್ ರಿಲಯನ್ಸ್ ಜ್ಯುವೆಲ್ಸ್ ವಿಶ್ವ ಮತ್ತು ವಿನ್ಯಾಸ ಕಲೆಕ್ಷನ್ ಮೂಲಕ ಹಬ್ಬಗಳನ್ನು ಆಚರಿಸುವ ಸಂಪ್ರದಾಯವನ್ನು ಈ ವರ್ಷವೂ ಮುಂದುವರಿಸಿದ್ದು, ಈ ಬಾರಿಯು ಅಕ್ಷಯ ತೃತೀಯಕ್ಕೆ ವಿಂದ್ಯ ಕಲೆಕ್ಷನ್ ಅನ್ನು ಪರಿಚಯಿಸುತ್ತಿದೆ. 'ಭಾರತದ ಆಭರಣಗಳು' ಸರಣಿಯಲ್ಲಿ ಒಂದಾಗಿರುವ ಈ ಸರಣಿ ಭಾರತದ ವಿವಿಧ ಪ್ರದೇಶಗಳ ಸ್ಫೂರ್ತಿಯನ್ನು ಒಳಗೊಂಡಿದೆ. ಮಧ್ಯಪ್ರದೇಶದ ಪಾರಂಪರಿಕ ವಿಂದ್ಯ ಪ್ರಾಂತ್ಯದಿಂದ ಸ್ಫೂರ್ತಿಪಡೆದಿದೆ. ಬ್ರ್ಯಾಂಡ್ ಬಜಾರ್ ಮತ್ತು ಬಾಲಿವುಡ್ ನಟಿ ದಿಶಾ ಪಟಾನಿ ಈ ಎಕ್ಸ್‌ಕ್ಲೂಸಿವ್ ವಿಂದ್ಯ ಕಲೆಕ್ಷನ್ ಅನ್ನು ಅನಾವರಣಗೊಳಿಸಿ ರಿಲಯನ್ಸ್ ಜ್ಯುವೆಲ್ಸ್ ಸ್ಟೋರ್‌ಗಳಲ್ಲಿ ನಡೆದ ವಿಶೇಷ ಕಾರ್ಯಕ್ರಮದಲ್ಲಿ ಅನಾವರಣಗೊಳಿಸಿದರು. ಹಿಂದು ಸಂಸ್ಕೃತಿಯಲ್ಲಿ ಶ್ರೀಮಂತಿಕೆ ಮತ್ತು ಸಂಪತ್ತನ್ನು ಗಳಿಸುವ ಶುಭದಿನವಾದ ಅಕ್ಷಯ ತೃತೀಯದ ಆಚರಣೆ ಎಂದರೆ ಹಬ್ಬದ ಮನಸ್ಥಿತಿಯನ್ನು ಸಂಭ್ರಮಿಸುವ ಮತ್ತು ಸಂಪತ್ತನ್ನು ಆಚರಿಸುವ ಸಮಯ. ಈ ಸಂದರ್ಭದಲ್ಲಿ ರಿಲಯನ್ಸ್ ಜ್ಯುವೆಲ್ಸ್ ವಿಂದ್ಯ ಕಲೆಕ್ಷನ್ ಅನ್ನು ಅನಾವರಣಗೊಳಿಸುತ್ತಿದ್ದು, ಮಧ್ಯಪ್ರದೇಶದ ಅಭಿಜಾತ ಕರಕುಶಲತೆಯನ್ನು ಒಳಗೊಂಡಿದೆ. ಬೆಳ್ಳಿ, ಚಿನ್ನ ಮತ್ತು ವಜ್ರದ ಆಭರಣಗಳು ಪಾರಂಪರಿಕ ಶೈಲಿಯನ್ನು ಆಧುನಿಕ ವಿನ್ಯಾಸದೊಂದಿಗೆ ಬೆಸೆದಿವೆ. ಈ ಕಲೆಕ್ಷನ್‌ನಲ್ಲಿ ನೆಕ್ಲೇಸ್, ಕಿವಿಯೋಲೆ, ಉಂಗುರ, ಬಳೆಗಳು ಸೇರಿದಂತೆ ವೈವಿಧ್ಯಮಯ ಆಭರಣಗಳು ಲಭ್ಯವಿದ್ದು, ಗ್ರಾಹಕರಿಗೆ ವಿಶೇಷ ರಿಯಾಯಿತಿಗಳನ್ನೂ ನೀಡಲಾಗುತ್ತಿದೆ.
MUNJANEVARTHE KANNADA DAILY, EDITOR, PRINTER PUBLISHED And OWNED BY H.L.Amaranth, and Printed at: Sree Manjunatha enterprises, No.30Subbannachan Lane 1st Cross, Cottenpet Bangalore-560053,
MOB: 91414 14119 Published at: No.97, 2nd Cross, Vivekananda Nagar, Khadi commision layout, BSK 3rd Stage, Katharaguppe Main Road, Bangalore 560085
